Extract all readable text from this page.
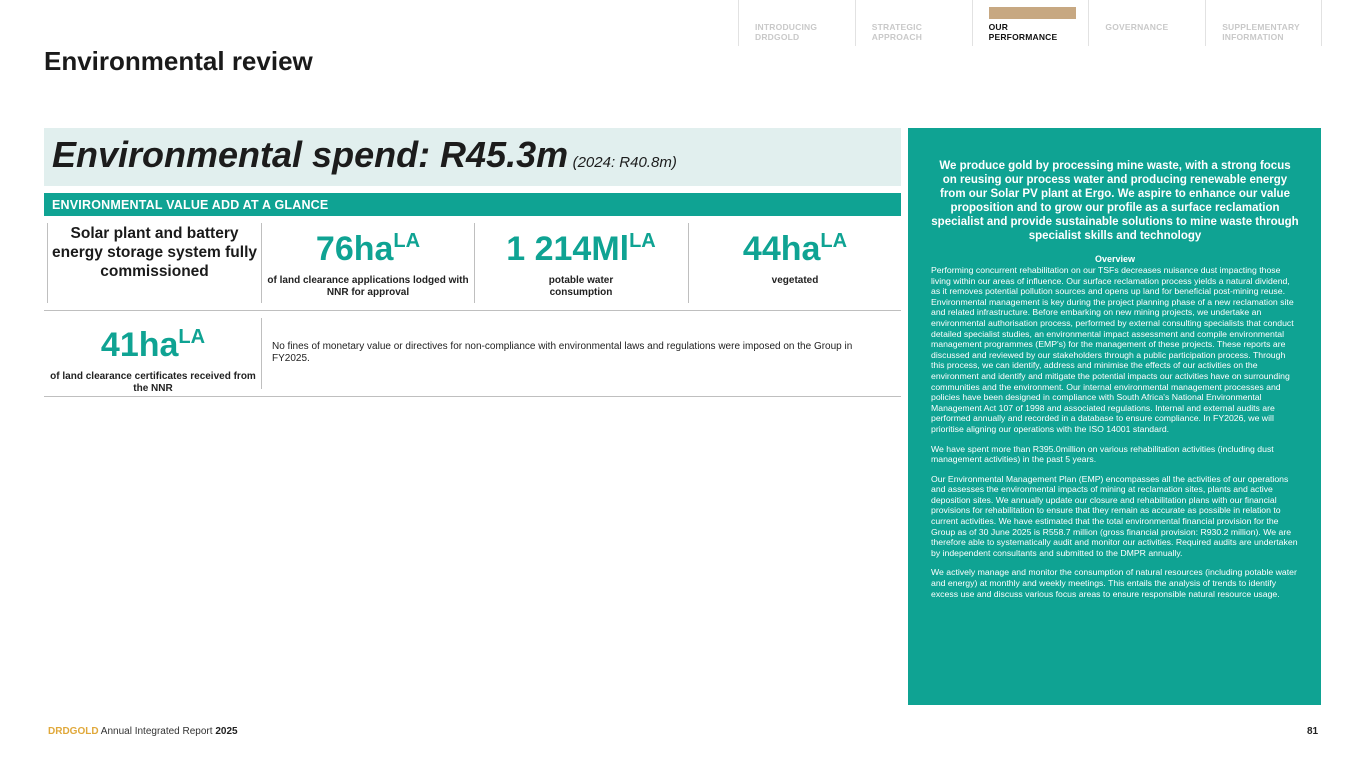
INTRODUCING
DRDGOLD
STRATEGIC
APPROACH
OUR
PERFORMANCE
GOVERNANCE	SUPPLEMENTARY
INFORMATION
Environmental review
Environmental spend: R45.3m (2024: R40.8m)
ENVIRONMENTAL VALUE ADD AT A GLANCE
Solar plant and battery energy storage system fully commissioned
$76ha^{LA}$
of land clearance applications lodged with NNR for approval
1 $214Ml^{LA}$
potable water consumption
$44ha^{LA}$
vegetated
$41ha^{LA}$
of land clearance certificates received from the NNR
No fines of monetary value or directives for non-compliance with environmental laws and regulations were imposed on the Group in FY2025.
We produce gold by processing mine waste, with a strong focus on reusing our process water and producing renewable energy from our Solar PV plant at Ergo. We aspire to enhance our value proposition and to grow our profile as a surface reclamation specialist and provide sustainable solutions to mine waste through specialist skills and technology
Overview

Performing concurrent rehabilitation on our TSFs decreases nuisance dust impacting those living within our areas of influence. Our surface reclamation process yields a natural dividend, as it removes potential pollution sources and opens up land for beneficial post-mining reuse. Environmental management is key during the project planning phase of a new reclamation site and related infrastructure. Before embarking on new mining projects, we undertake an environmental authorisation process, performed by external consulting specialists that conduct detailed specialist studies, an environmental impact assessment and compile environmental management programmes (EMP's) for the management of these projects. These reports are discussed and reviewed by our stakeholders through a public participation process. Through this process, we can identify, address and minimise the effects of our activities on the environment and identify and mitigate the potential impacts our activities have on surrounding communities and the environment. Our internal environmental management processes and policies have been designed in compliance with South Africa's National Environmental Management Act 107 of 1998 and associated regulations. Internal and external audits are performed annually and recorded in a database to ensure compliance. In FY2026, we will prioritise aligning our operations with the ISO 14001 standard.

We have spent more than R395.0million on various rehabilitation activities (including dust management activities) in the past 5 years.

Our Environmental Management Plan (EMP) encompasses all the activities of our operations and assesses the environmental impacts of mining at reclamation sites, plants and active deposition sites. We annually update our closure and rehabilitation plans with our financial provisions for rehabilitation to ensure that they remain as accurate as possible in relation to current activities. We have estimated that the total environmental financial provision for the Group as of 30 June 2025 is R558.7 million (gross financial provision: R930.2 million). We are therefore able to systematically audit and monitor our activities. Required audits are undertaken by independent consultants and submitted to the DMPR annually.

We actively manage and monitor the consumption of natural resources (including potable water and energy) at monthly and weekly meetings. This entails the analysis of trends to identify excess use and discuss various focus areas to ensure responsible natural resource usage.

DRDGOLD Annual Integrated Report 2025	81
